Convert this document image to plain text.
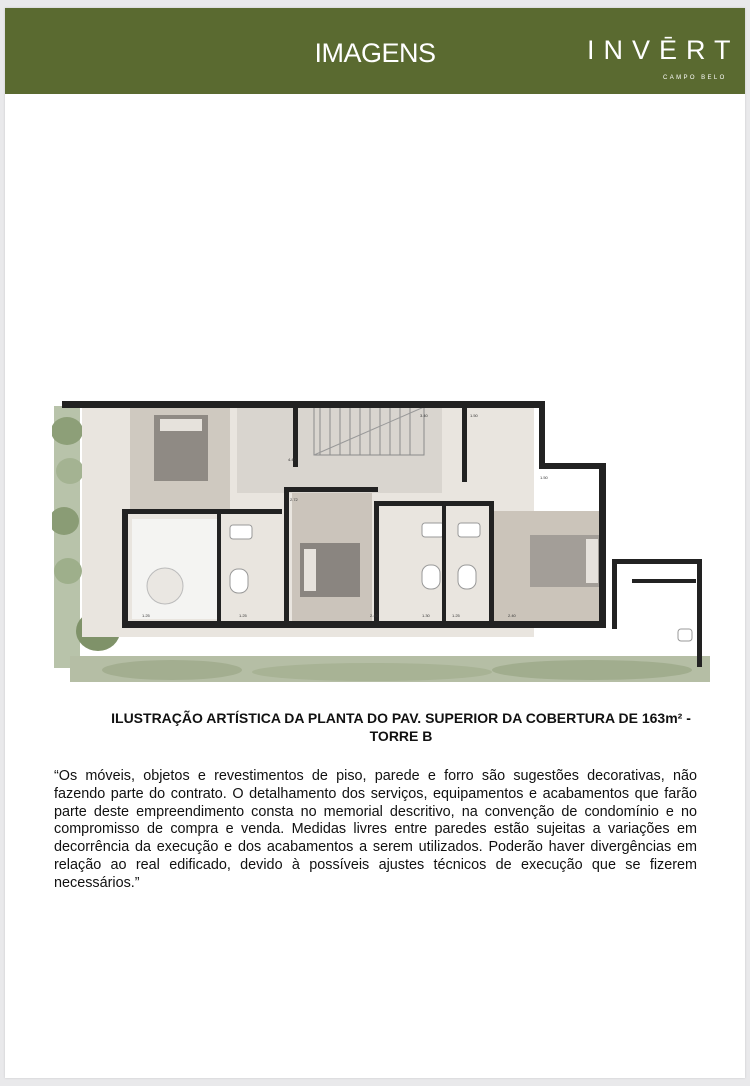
IMAGENS	INVĒRT
CAMPO BELO
4.40
3.40	1.50
1.50
2.72
1.25	2.40	1.30	1.25	2.40
1.25
ILUSTRAÇÃO ARTÍSTICA DA PLANTA DO PAV. SUPERIOR DA COBERTURA DE 163m² - TORRE B
“Os móveis, objetos e revestimentos de piso, parede e forro são sugestões decorativas, não fazendo parte do contrato. O detalhamento dos serviços, equipamentos e acabamentos que farão parte deste empreendimento consta no memorial descritivo, na convenção de condomínio e no compromisso de compra e venda. Medidas livres entre paredes estão sujeitas a variações em decorrência da execução e dos acabamentos a serem utilizados. Poderão haver divergências em relação ao real edificado, devido à possíveis ajustes técnicos de execução que se fizerem necessários.”
